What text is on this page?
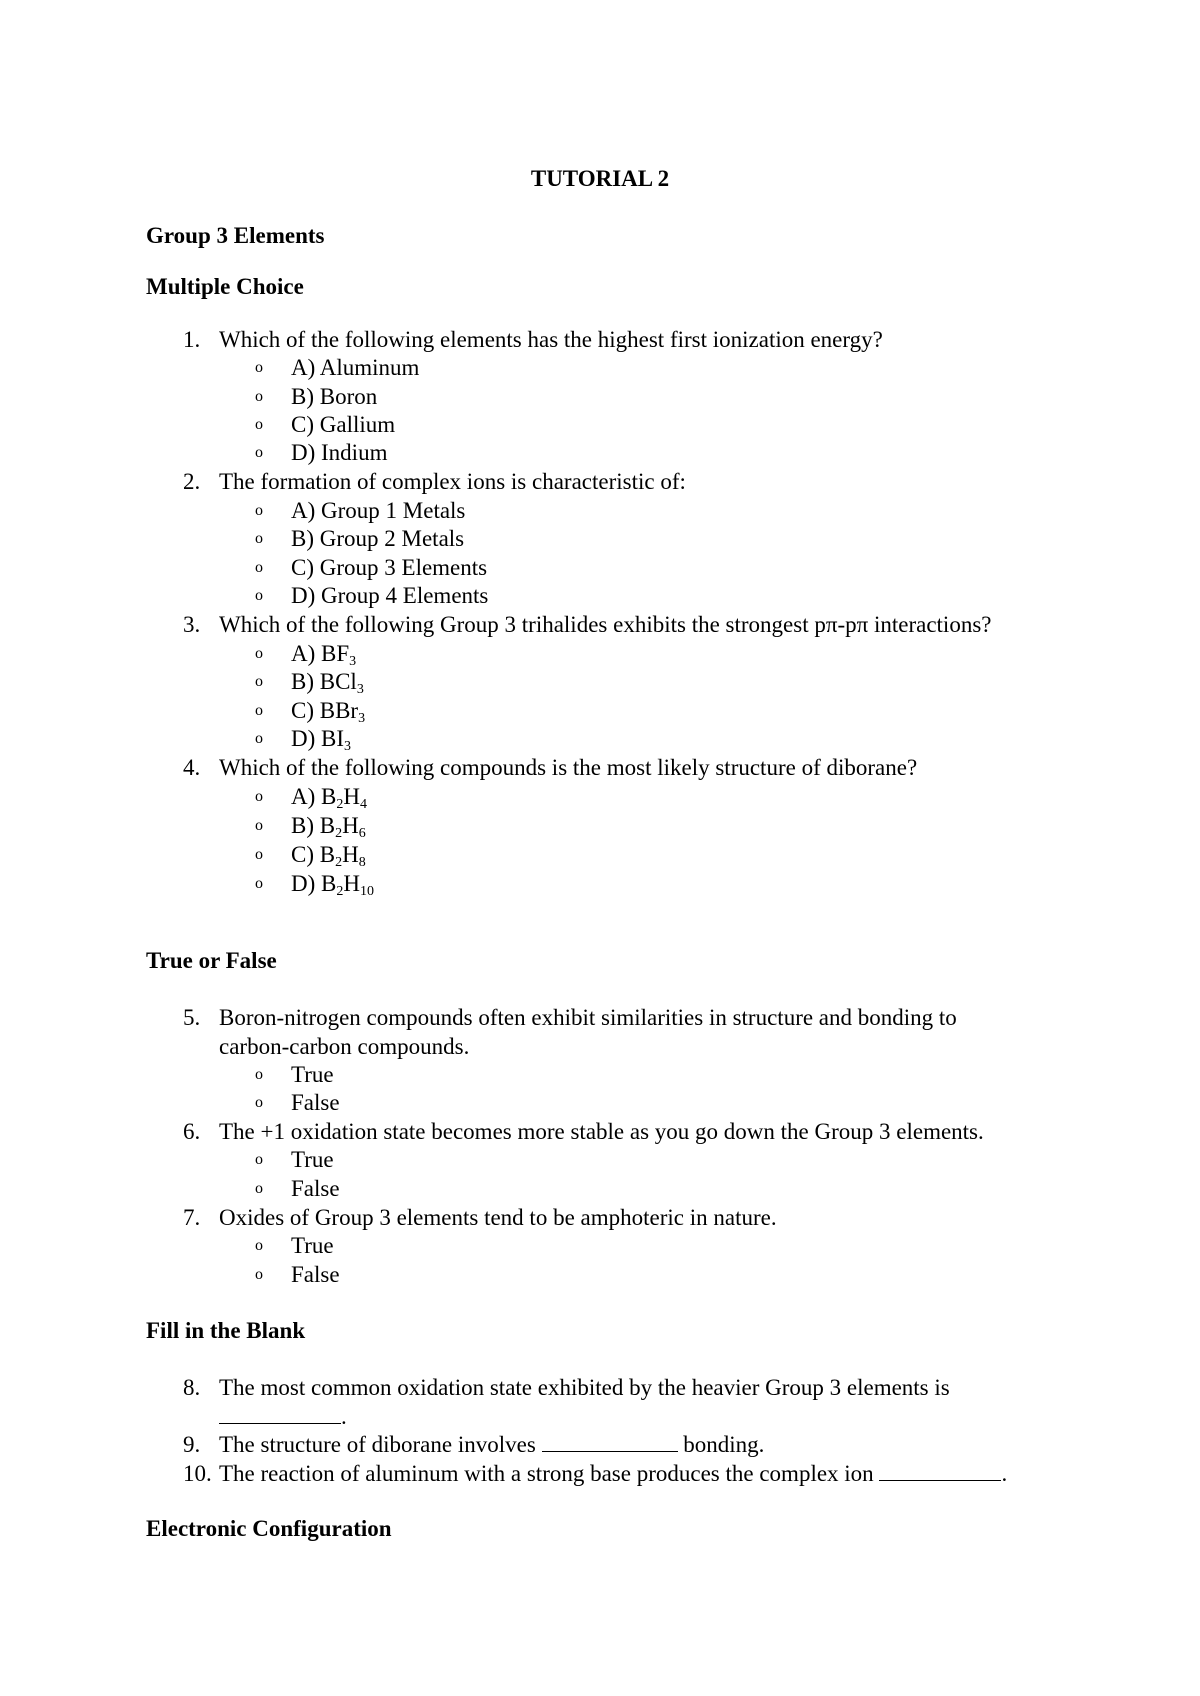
TUTORIAL 2
Group 3 Elements
Multiple Choice
1. Which of the following elements has the highest first ionization energy?
o A) Aluminum
o B) Boron
o C) Gallium
o D) Indium
2. The formation of complex ions is characteristic of:
o A) Group 1 Metals
o B) Group 2 Metals
o C) Group 3 Elements
o D) Group 4 Elements
3. Which of the following Group 3 trihalides exhibits the strongest pπ-pπ interactions?
o A) $BF_3$
o B) BCl$_3$
o C) BBr$_3$
o D) $BI_3$
4. Which of the following compounds is the most likely structure of diborane?
o A) $B_2H_4$
o B) $B_2H_6$
o C) $B_2H_8$
o D) $B_2H_{10}$
True or False
5. Boron-nitrogen compounds often exhibit similarities in structure and bonding to
carbon-carbon compounds.
o True
o False
6. The +1 oxidation state becomes more stable as you go down the Group 3 elements.
o True
o False
7. Oxides of Group 3 elements tend to be amphoteric in nature.
o True
o False
Fill in the Blank
8. The most common oxidation state exhibited by the heavier Group 3 elements is
.
9. The structure of diborane involves	bonding.
10. The reaction of aluminum with a strong base produces the complex ion	.
Electronic Configuration
